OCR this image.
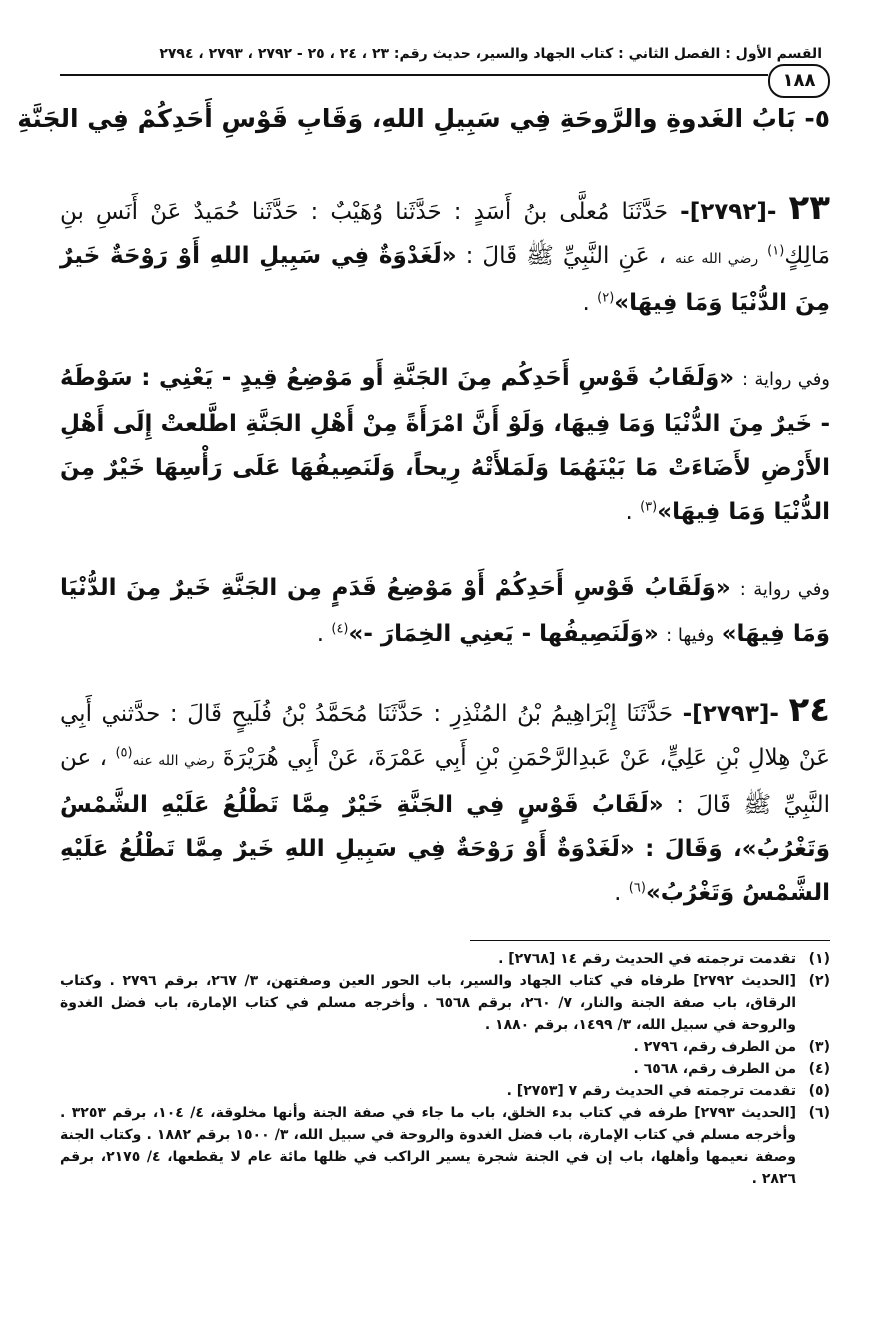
القسم الأول : الفصل الثاني : كتاب الجهاد والسير، حديث رقم: ٢٣ ، ٢٤ ، ٢٥ - ٢٧٩٢ ، ٢٧٩٣ ، ٢٧٩٤
١٨٨
٥- بَابُ الغَدوةِ والرَّوحَةِ فِي سَبِيلِ اللهِ، وَقَابِ قَوْسِ أَحَدِكُمْ فِي الجَنَّةِ

٢٣ -[٢٧٩٢]- حَدَّثَنَا مُعلَّى بنُ أَسَدٍ : حَدَّثَنا وُهَيْبٌ : حَدَّثَنا حُمَيدٌ عَنْ أَنَسِ بنِ مَالِكٍ$^{(١)}$ رضي الله عنه ، عَنِ النَّبِيِّ ﷺ قَالَ : «لَغَدْوَةٌ فِي سَبِيلِ اللهِ أَوْ رَوْحَةٌ خَيرٌ مِنَ الدُّنْيَا وَمَا فِيهَا»$^{(٢)}$ .

وفي رواية : «وَلَقَابُ قَوْسِ أَحَدِكُم مِنَ الجَنَّةِ أَو مَوْضِعُ قِيدٍ - يَعْنِي : سَوْطَهُ - خَيرٌ مِنَ الدُّنْيَا وَمَا فِيهَا، وَلَوْ أَنَّ امْرَأَةً مِنْ أَهْلِ الجَنَّةِ اطَّلعتْ إِلَى أَهْلِ الأَرْضِ لأَضَاءَتْ مَا بَيْنَهُمَا وَلَمَلأَتْهُ رِيحاً، وَلَنَصِيفُهَا عَلَى رَأْسِهَا خَيْرٌ مِنَ الدُّنْيَا وَمَا فِيهَا»$^{(٣)}$ .

وفي رواية : «وَلَقَابُ قَوْسِ أَحَدِكُمْ أَوْ مَوْضِعُ قَدَمٍ مِن الجَنَّةِ خَيرٌ مِنَ الدُّنْيَا وَمَا فِيهَا» وفيها : «وَلَنَصِيفُها - يَعنِي الخِمَارَ -»$^{(٤)}$ .

٢٤ -[٢٧٩٣]- حَدَّثَنَا إِبْرَاهِيمُ بْنُ المُنْذِرِ : حَدَّثَنَا مُحَمَّدُ بْنُ فُلَيحٍ قَالَ : حدَّثني أَبِي عَنْ هِلالِ بْنِ عَلِيٍّ، عَنْ عَبدِالرَّحْمَنِ بْنِ أَبِي عَمْرَةَ، عَنْ أَبِي هُرَيْرَةَ رضي الله عنه$^{(٥)}$ ، عن النَّبِيِّ ﷺ قَالَ : «لَقَابُ قَوْسٍ فِي الجَنَّةِ خَيْرٌ مِمَّا تَطْلُعُ عَلَيْهِ الشَّمْسُ وَتَغْرُبُ»، وَقَالَ : «لَغَدْوَةٌ أَوْ رَوْحَةٌ فِي سَبِيلِ اللهِ خَيرٌ مِمَّا تَطْلُعُ عَلَيْهِ الشَّمْسُ وَتَغْرُبُ»$^{(٦)}$ .

(١)
تقدمت ترجمته في الحديث رقم ١٤ [٢٧٦٨] .
(٢)
[الحديث ٢٧٩٢] طرفاه في كتاب الجهاد والسير، باب الحور العين وصفتهن، ٣/ ٢٦٧، برقم ٢٧٩٦ . وكتاب الرقاق، باب صفة الجنة والنار، ٧/ ٢٦٠، برقم ٦٥٦٨ . وأخرجه مسلم في كتاب الإمارة، باب فضل الغدوة والروحة في سبيل الله، ٣/ ١٤٩٩، برقم ١٨٨٠ .
(٣)
من الطرف رقم، ٢٧٩٦ .
(٤)
من الطرف رقم، ٦٥٦٨ .
(٥)
تقدمت ترجمته في الحديث رقم ٧ [٢٧٥٣] .
(٦)
[الحديث ٢٧٩٣] طرفه في كتاب بدء الخلق، باب ما جاء في صفة الجنة وأنها مخلوقة، ٤/ ١٠٤، برقم ٣٢٥٣ . وأخرجه مسلم في كتاب الإمارة، باب فضل الغدوة والروحة في سبيل الله، ٣/ ١٥٠٠ برقم ١٨٨٢ . وكتاب الجنة وصفة نعيمها وأهلها، باب إن في الجنة شجرة يسير الراكب في ظلها مائة عام لا يقطعها، ٤/ ٢١٧٥، برقم ٢٨٢٦ .
